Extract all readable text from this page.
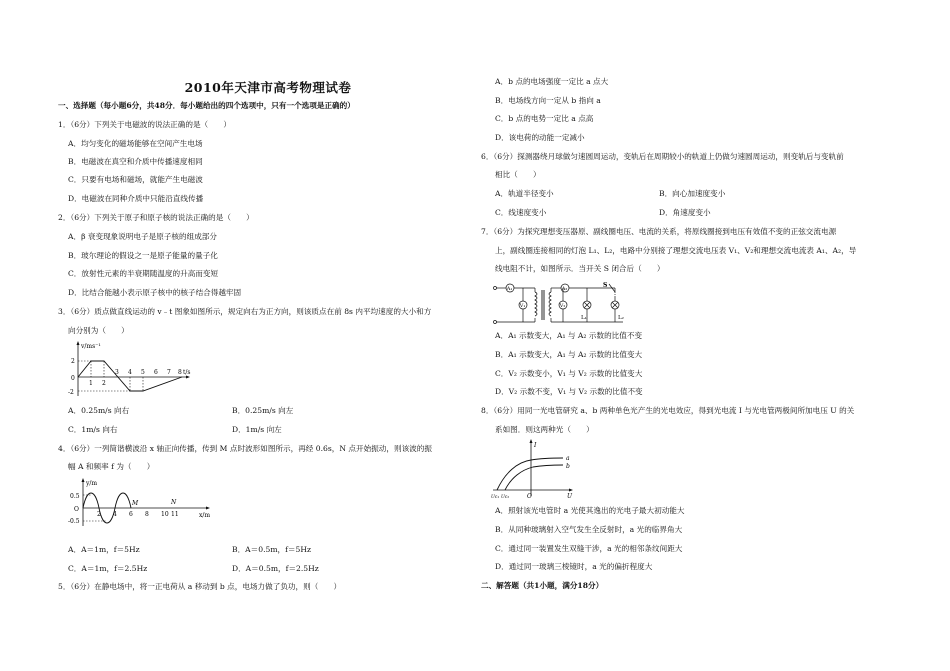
2010年天津市高考物理试卷
一、选择题（每小题6分，共48分．每小题给出的四个选项中，只有一个选项是正确的）
1．（6分）下列关于电磁波的说法正确的是（　　）
A．均匀变化的磁场能够在空间产生电场
B．电磁波在真空和介质中传播速度相同
C．只要有电场和磁场，就能产生电磁波
D．电磁波在同种介质中只能沿直线传播
2．（6分）下列关于原子和原子核的说法正确的是（　　）
A．β 衰变现象说明电子是原子核的组成部分
B．玻尔理论的假设之一是原子能量的量子化
C．放射性元素的半衰期随温度的升高而变短
D．比结合能越小表示原子核中的核子结合得越牢固
3．（6分）质点做直线运动的 v﹣t 图象如图所示，规定向右为正方向，则该质点在前 8s 内平均速度的大小和方
向分别为（　　）
v/ms⁻¹
2
0
-2
1 2
3 4 5 6 7 8 t/s
A．0.25m/s 向右	B．0.25m/s 向左
C．1m/s 向右	D．1m/s 向左
4．（6分）一列简谐横波沿 x 轴正向传播，传到 M 点时波形如图所示，再经 0.6s，N 点开始振动，则该波的振
幅 A 和频率 f 为（　　）
y/m
0.5
O
-0.5
2 4 6 8 10 11
M	N
x/m
A．A＝1m，f＝5Hz	B．A＝0.5m，f＝5Hz
C．A＝1m，f＝2.5Hz	D．A＝0.5m，f＝2.5Hz
5．（6分）在静电场中，将一正电荷从 a 移动到 b 点，电场力做了负功，则（　　）
A．b 点的电场强度一定比 a 点大
B．电场线方向一定从 b 指向 a
C．b 点的电势一定比 a 点高
D．该电荷的动能一定减小
6．（6分）探测器绕月球做匀速圆周运动，变轨后在周期较小的轨道上仍做匀速圆周运动，则变轨后与变轨前
相比（　　）
A．轨道半径变小	B．向心加速度变小
C．线速度变小	D．角速度变小
7．（6分）为探究理想变压器原、副线圈电压、电流的关系，将原线圈接到电压有效值不变的正弦交流电源
上，副线圈连接相同的灯泡 L₁、L₂，电路中分别接了理想交流电压表 V₁、V₂和理想交流电流表 A₁、A₂，导
线电阻不计，如图所示．当开关 S 闭合后（　　）
A₁
V₁
A₂
V₂
L₁	L₂
S
A．A₁ 示数变大，A₁ 与 A₂ 示数的比值不变
B．A₁ 示数变大，A₁ 与 A₂ 示数的比值变大
C．V₂ 示数变小，V₁ 与 V₂ 示数的比值变大
D．V₂ 示数不变，V₁ 与 V₂ 示数的比值不变
8．（6分）用同一光电管研究 a、b 两种单色光产生的光电效应，得到光电流 I 与光电管两极间所加电压 U 的关
系如图．则这两种光（　　）
I
U
O
a
b
Uc₁ Uc₂
A．照射该光电管时 a 光使其逸出的光电子最大初动能大
B．从同种玻璃射入空气发生全反射时，a 光的临界角大
C．通过同一装置发生双缝干涉，a 光的相邻条纹间距大
D．通过同一玻璃三棱镜时，a 光的偏折程度大
二、解答题（共1小题，满分18分）
